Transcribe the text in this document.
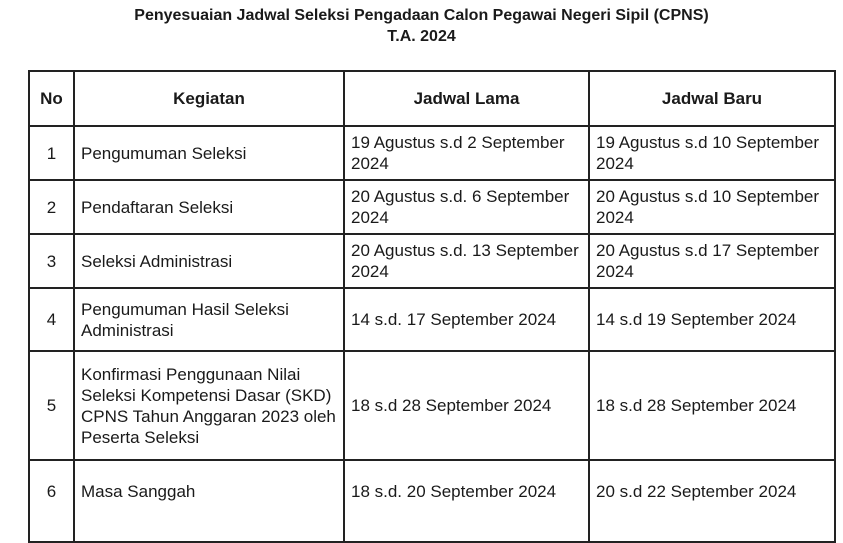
Penyesuaian Jadwal Seleksi Pengadaan Calon Pegawai Negeri Sipil (CPNS)
T.A. 2024
No	Kegiatan	Jadwal Lama	Jadwal Baru
1	Pengumuman Seleksi	19 Agustus s.d 2 September 2024	19 Agustus s.d 10 September 2024
2	Pendaftaran Seleksi	20 Agustus s.d. 6 September 2024	20 Agustus s.d 10 September 2024
3	Seleksi Administrasi	20 Agustus s.d. 13 September 2024	20 Agustus s.d 17 September 2024
4	Pengumuman Hasil Seleksi Administrasi	14 s.d. 17 September 2024	14 s.d 19 September 2024
5	Konfirmasi Penggunaan Nilai Seleksi Kompetensi Dasar (SKD) CPNS Tahun Anggaran 2023 oleh Peserta Seleksi	18 s.d 28 September 2024	18 s.d 28 September 2024
6	Masa Sanggah	18 s.d. 20 September 2024	20 s.d 22 September 2024
